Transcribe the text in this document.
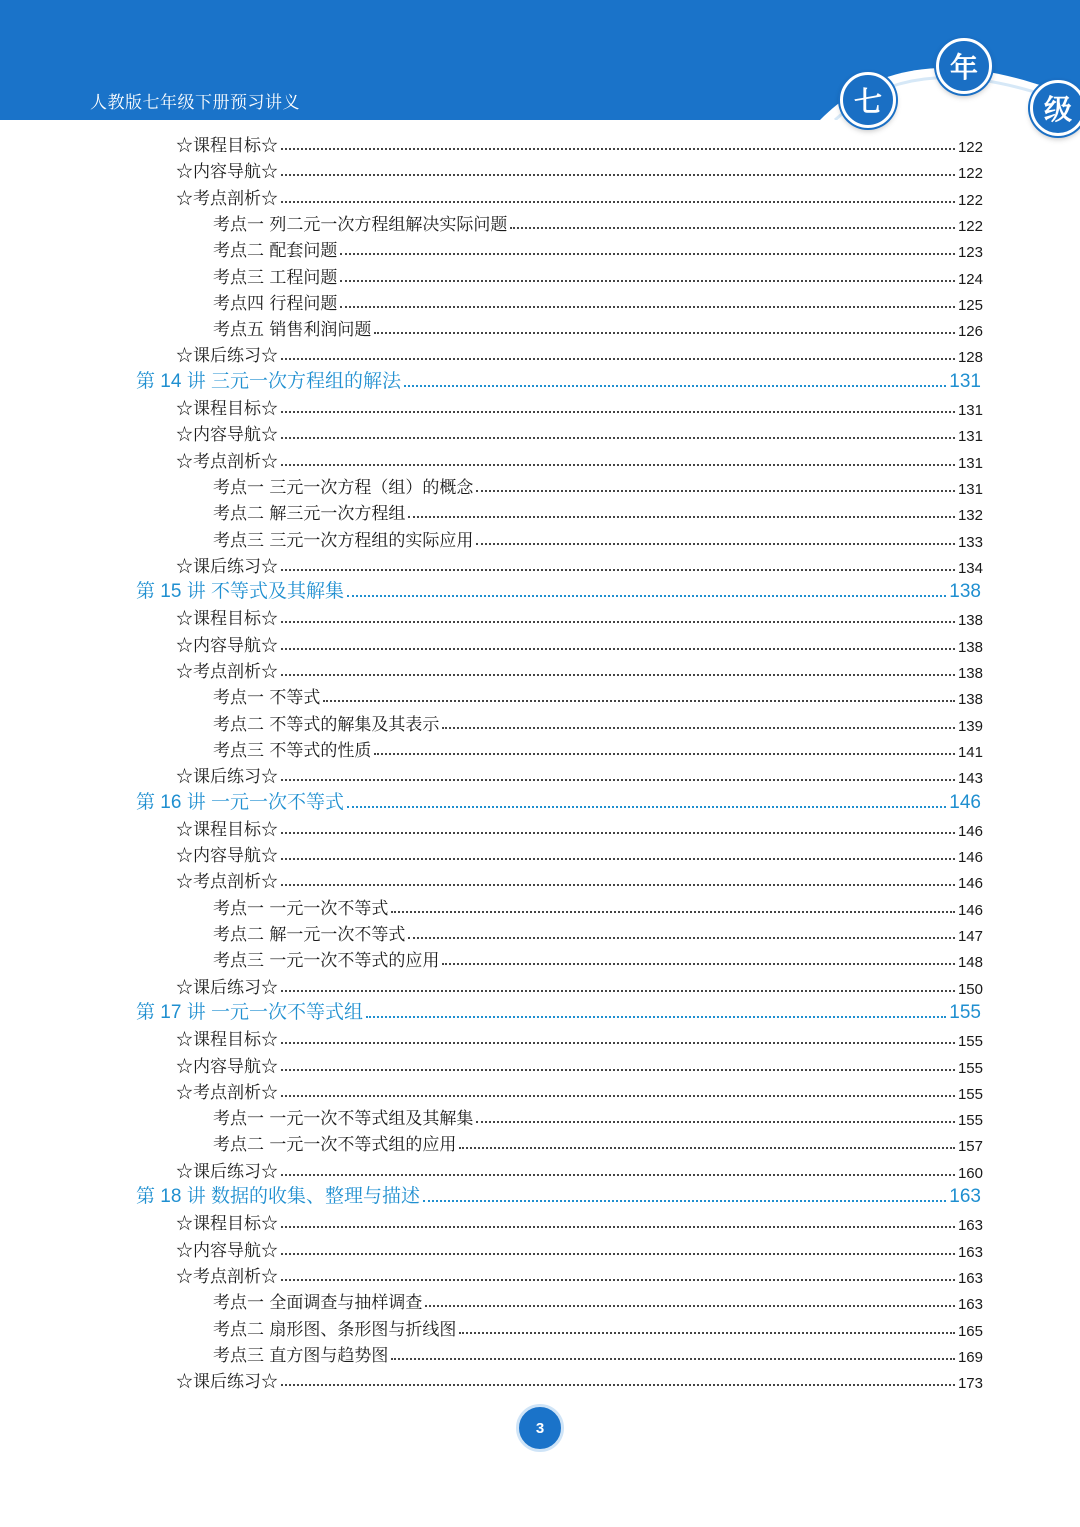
人教版七年级下册预习讲义	七
年
级
☆课程目标☆	122
☆内容导航☆	122
☆考点剖析☆	122
考点一 列二元一次方程组解决实际问题	122
考点二 配套问题	123
考点三 工程问题	124
考点四 行程问题	125
考点五 销售利润问题	126
☆课后练习☆	128
第 14 讲 三元一次方程组的解法	131
☆课程目标☆	131
☆内容导航☆	131
☆考点剖析☆	131
考点一 三元一次方程（组）的概念	131
考点二 解三元一次方程组	132
考点三 三元一次方程组的实际应用	133
☆课后练习☆	134
第 15 讲 不等式及其解集	138
☆课程目标☆	138
☆内容导航☆	138
☆考点剖析☆	138
考点一 不等式	138
考点二 不等式的解集及其表示	139
考点三 不等式的性质	141
☆课后练习☆	143
第 16 讲 一元一次不等式	146
☆课程目标☆	146
☆内容导航☆	146
☆考点剖析☆	146
考点一 一元一次不等式	146
考点二 解一元一次不等式	147
考点三 一元一次不等式的应用	148
☆课后练习☆	150
第 17 讲 一元一次不等式组	155
☆课程目标☆	155
☆内容导航☆	155
☆考点剖析☆	155
考点一 一元一次不等式组及其解集	155
考点二 一元一次不等式组的应用	157
☆课后练习☆	160
第 18 讲 数据的收集、整理与描述	163
☆课程目标☆	163
☆内容导航☆	163
☆考点剖析☆	163
考点一 全面调查与抽样调查	163
考点二 扇形图、条形图与折线图	165
考点三 直方图与趋势图	169
☆课后练习☆	173
3
